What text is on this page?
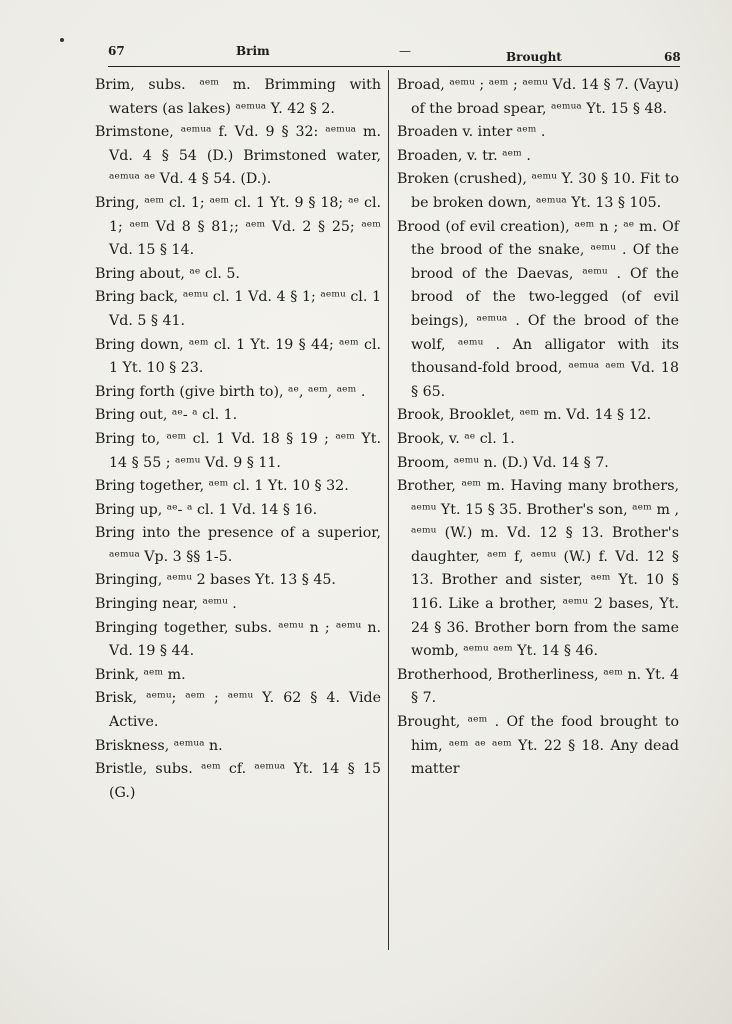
67	Brim	—	Brought	68

Brim, subs. ᵃᵉᵐ m. Brimming with waters (as lakes) ᵃᵉᵐᵘᵃ Y. 42 § 2.

Brimstone, ᵃᵉᵐᵘᵃ f. Vd. 9 § 32: ᵃᵉᵐᵘᵃ m. Vd. 4 § 54 (D.) Brimstoned water, ᵃᵉᵐᵘᵃ ᵃᵉ Vd. 4 § 54. (D.).

Bring, ᵃᵉᵐ cl. 1; ᵃᵉᵐ cl. 1 Yt. 9 § 18; ᵃᵉ cl. 1; ᵃᵉᵐ Vd 8 § 81;; ᵃᵉᵐ Vd. 2 § 25; ᵃᵉᵐ Vd. 15 § 14.

Bring about, ᵃᵉ cl. 5.

Bring back, ᵃᵉᵐᵘ cl. 1 Vd. 4 § 1; ᵃᵉᵐᵘ cl. 1 Vd. 5 § 41.

Bring down, ᵃᵉᵐ cl. 1 Yt. 19 § 44; ᵃᵉᵐ cl. 1 Yt. 10 § 23.

Bring forth (give birth to), ᵃᵉ, ᵃᵉᵐ, ᵃᵉᵐ .

Bring out, ᵃᵉ- ᵃ cl. 1.

Bring to, ᵃᵉᵐ cl. 1 Vd. 18 § 19 ; ᵃᵉᵐ Yt. 14 § 55 ; ᵃᵉᵐᵘ Vd. 9 § 11.

Bring together, ᵃᵉᵐ cl. 1 Yt. 10 § 32.

Bring up, ᵃᵉ- ᵃ cl. 1 Vd. 14 § 16.

Bring into the presence of a superior, ᵃᵉᵐᵘᵃ Vp. 3 §§ 1-5.

Bringing, ᵃᵉᵐᵘ 2 bases Yt. 13 § 45.

Bringing near, ᵃᵉᵐᵘ .

Bringing together, subs. ᵃᵉᵐᵘ n ; ᵃᵉᵐᵘ n. Vd. 19 § 44.

Brink, ᵃᵉᵐ m.

Brisk, ᵃᵉᵐᵘ; ᵃᵉᵐ ; ᵃᵉᵐᵘ Y. 62 § 4. Vide Active.

Briskness, ᵃᵉᵐᵘᵃ n.

Bristle, subs. ᵃᵉᵐ cf. ᵃᵉᵐᵘᵃ Yt. 14 § 15 (G.)

Broad, ᵃᵉᵐᵘ ; ᵃᵉᵐ ; ᵃᵉᵐᵘ Vd. 14 § 7. (Vayu) of the broad spear, ᵃᵉᵐᵘᵃ Yt. 15 § 48.

Broaden v. inter ᵃᵉᵐ .

Broaden, v. tr. ᵃᵉᵐ .

Broken (crushed), ᵃᵉᵐᵘ Y. 30 § 10. Fit to be broken down, ᵃᵉᵐᵘᵃ Yt. 13 § 105.

Brood (of evil creation), ᵃᵉᵐ n ; ᵃᵉ m. Of the brood of the snake, ᵃᵉᵐᵘ . Of the brood of the Daevas, ᵃᵉᵐᵘ . Of the brood of the two-legged (of evil beings), ᵃᵉᵐᵘᵃ . Of the brood of the wolf, ᵃᵉᵐᵘ . An alligator with its thousand-fold brood, ᵃᵉᵐᵘᵃ ᵃᵉᵐ Vd. 18 § 65.

Brook, Brooklet, ᵃᵉᵐ m. Vd. 14 § 12.

Brook, v. ᵃᵉ cl. 1.

Broom, ᵃᵉᵐᵘ n. (D.) Vd. 14 § 7.

Brother, ᵃᵉᵐ m. Having many brothers, ᵃᵉᵐᵘ Yt. 15 § 35. Brother's son, ᵃᵉᵐ m , ᵃᵉᵐᵘ (W.) m. Vd. 12 § 13. Brother's daughter, ᵃᵉᵐ f, ᵃᵉᵐᵘ (W.) f. Vd. 12 § 13. Brother and sister, ᵃᵉᵐ Yt. 10 § 116. Like a brother, ᵃᵉᵐᵘ 2 bases, Yt. 24 § 36. Brother born from the same womb, ᵃᵉᵐᵘ ᵃᵉᵐ Yt. 14 § 46.

Brotherhood, Brotherliness, ᵃᵉᵐ n. Yt. 4 § 7.

Brought, ᵃᵉᵐ . Of the food brought to him, ᵃᵉᵐ ᵃᵉ ᵃᵉᵐ Yt. 22 § 18. Any dead matter
